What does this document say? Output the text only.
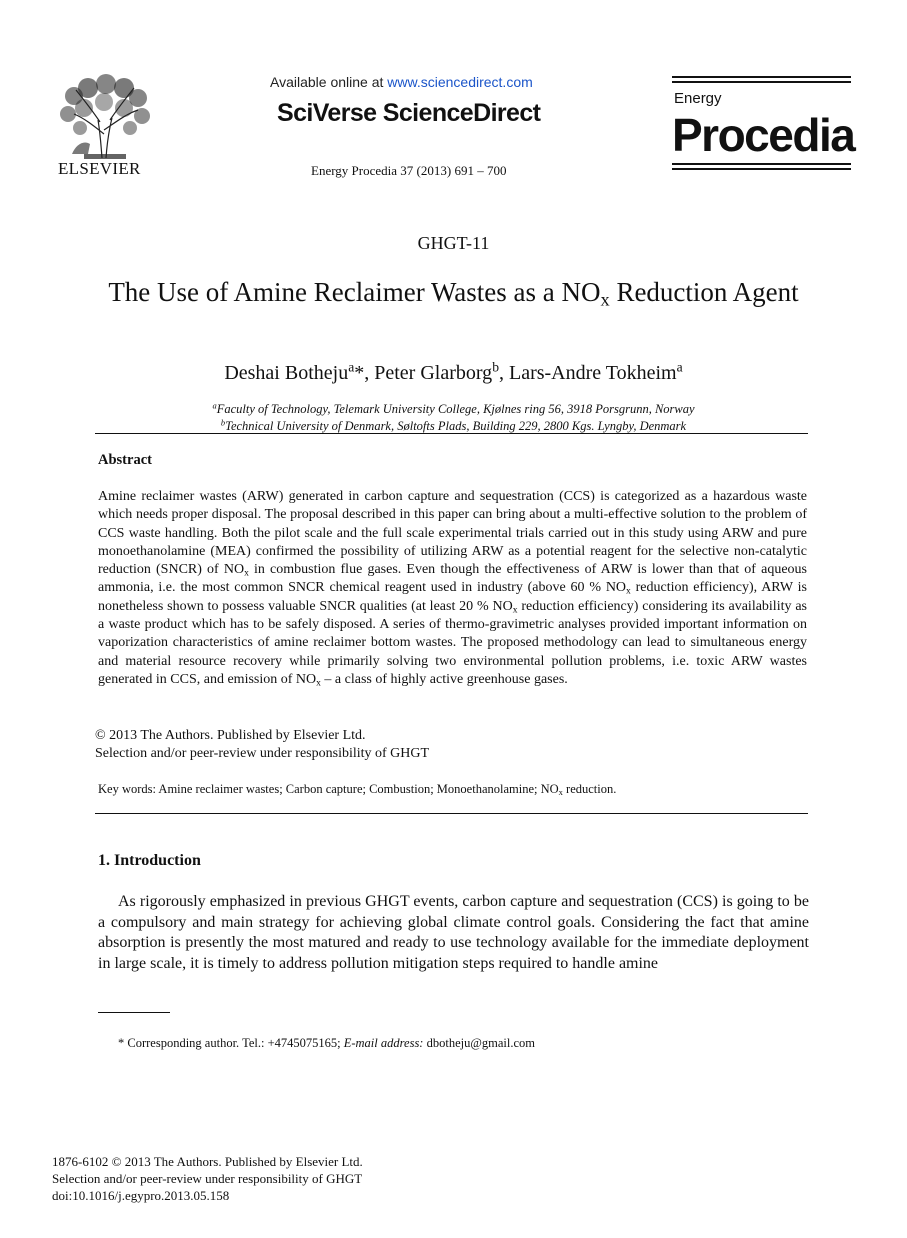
ELSEVIER
Available online at www.sciencedirect.com
SciVerse ScienceDirect
Energy Procedia 37 (2013) 691 – 700
Energy
Procedia
GHGT-11
The Use of Amine Reclaimer Wastes as a $NO_x$ Reduction Agent
Deshai Botheju$^a$*, Peter Glarborg$^b$, Lars-Andre Tokheim$^a$
$^a$Faculty of Technology, Telemark University College, Kjølnes ring 56, 3918 Porsgrunn, Norway
$^b$Technical University of Denmark, Søltofts Plads, Building 229, 2800 Kgs. Lyngby, Denmark
Abstract
Amine reclaimer wastes (ARW) generated in carbon capture and sequestration (CCS) is categorized as a hazardous waste which needs proper disposal. The proposal described in this paper can bring about a multi-effective solution to the problem of CCS waste handling. Both the pilot scale and the full scale experimental trials carried out in this study using ARW and pure monoethanolamine (MEA) confirmed the possibility of utilizing ARW as a potential reagent for the selective non-catalytic reduction (SNCR) of $NO_x$ in combustion flue gases. Even though the effectiveness of ARW is lower than that of aqueous ammonia, i.e. the most common SNCR chemical reagent used in industry (above 60 % $NO_x$ reduction efficiency), ARW is nonetheless shown to possess valuable SNCR qualities (at least 20 % $NO_x$ reduction efficiency) considering its availability as a waste product which has to be safely disposed. A series of thermo-gravimetric analyses provided important information on vaporization characteristics of amine reclaimer bottom wastes. The proposed methodology can lead to simultaneous energy and material resource recovery while primarily solving two environmental pollution problems, i.e. toxic ARW wastes generated in CCS, and emission of $NO_x$ – a class of highly active greenhouse gases.
© 2013 The Authors. Published by Elsevier Ltd.
Selection and/or peer-review under responsibility of GHGT
Key words: Amine reclaimer wastes; Carbon capture; Combustion; Monoethanolamine; $NO_x$ reduction.
1. Introduction
As rigorously emphasized in previous GHGT events, carbon capture and sequestration (CCS) is going to be a compulsory and main strategy for achieving global climate control goals. Considering the fact that amine absorption is presently the most matured and ready to use technology available for the immediate deployment in large scale, it is timely to address pollution mitigation steps required to handle amine
* Corresponding author. Tel.: +4745075165; E-mail address: dbotheju@gmail.com
1876-6102 © 2013 The Authors. Published by Elsevier Ltd.
Selection and/or peer-review under responsibility of GHGT
doi:10.1016/j.egypro.2013.05.158
